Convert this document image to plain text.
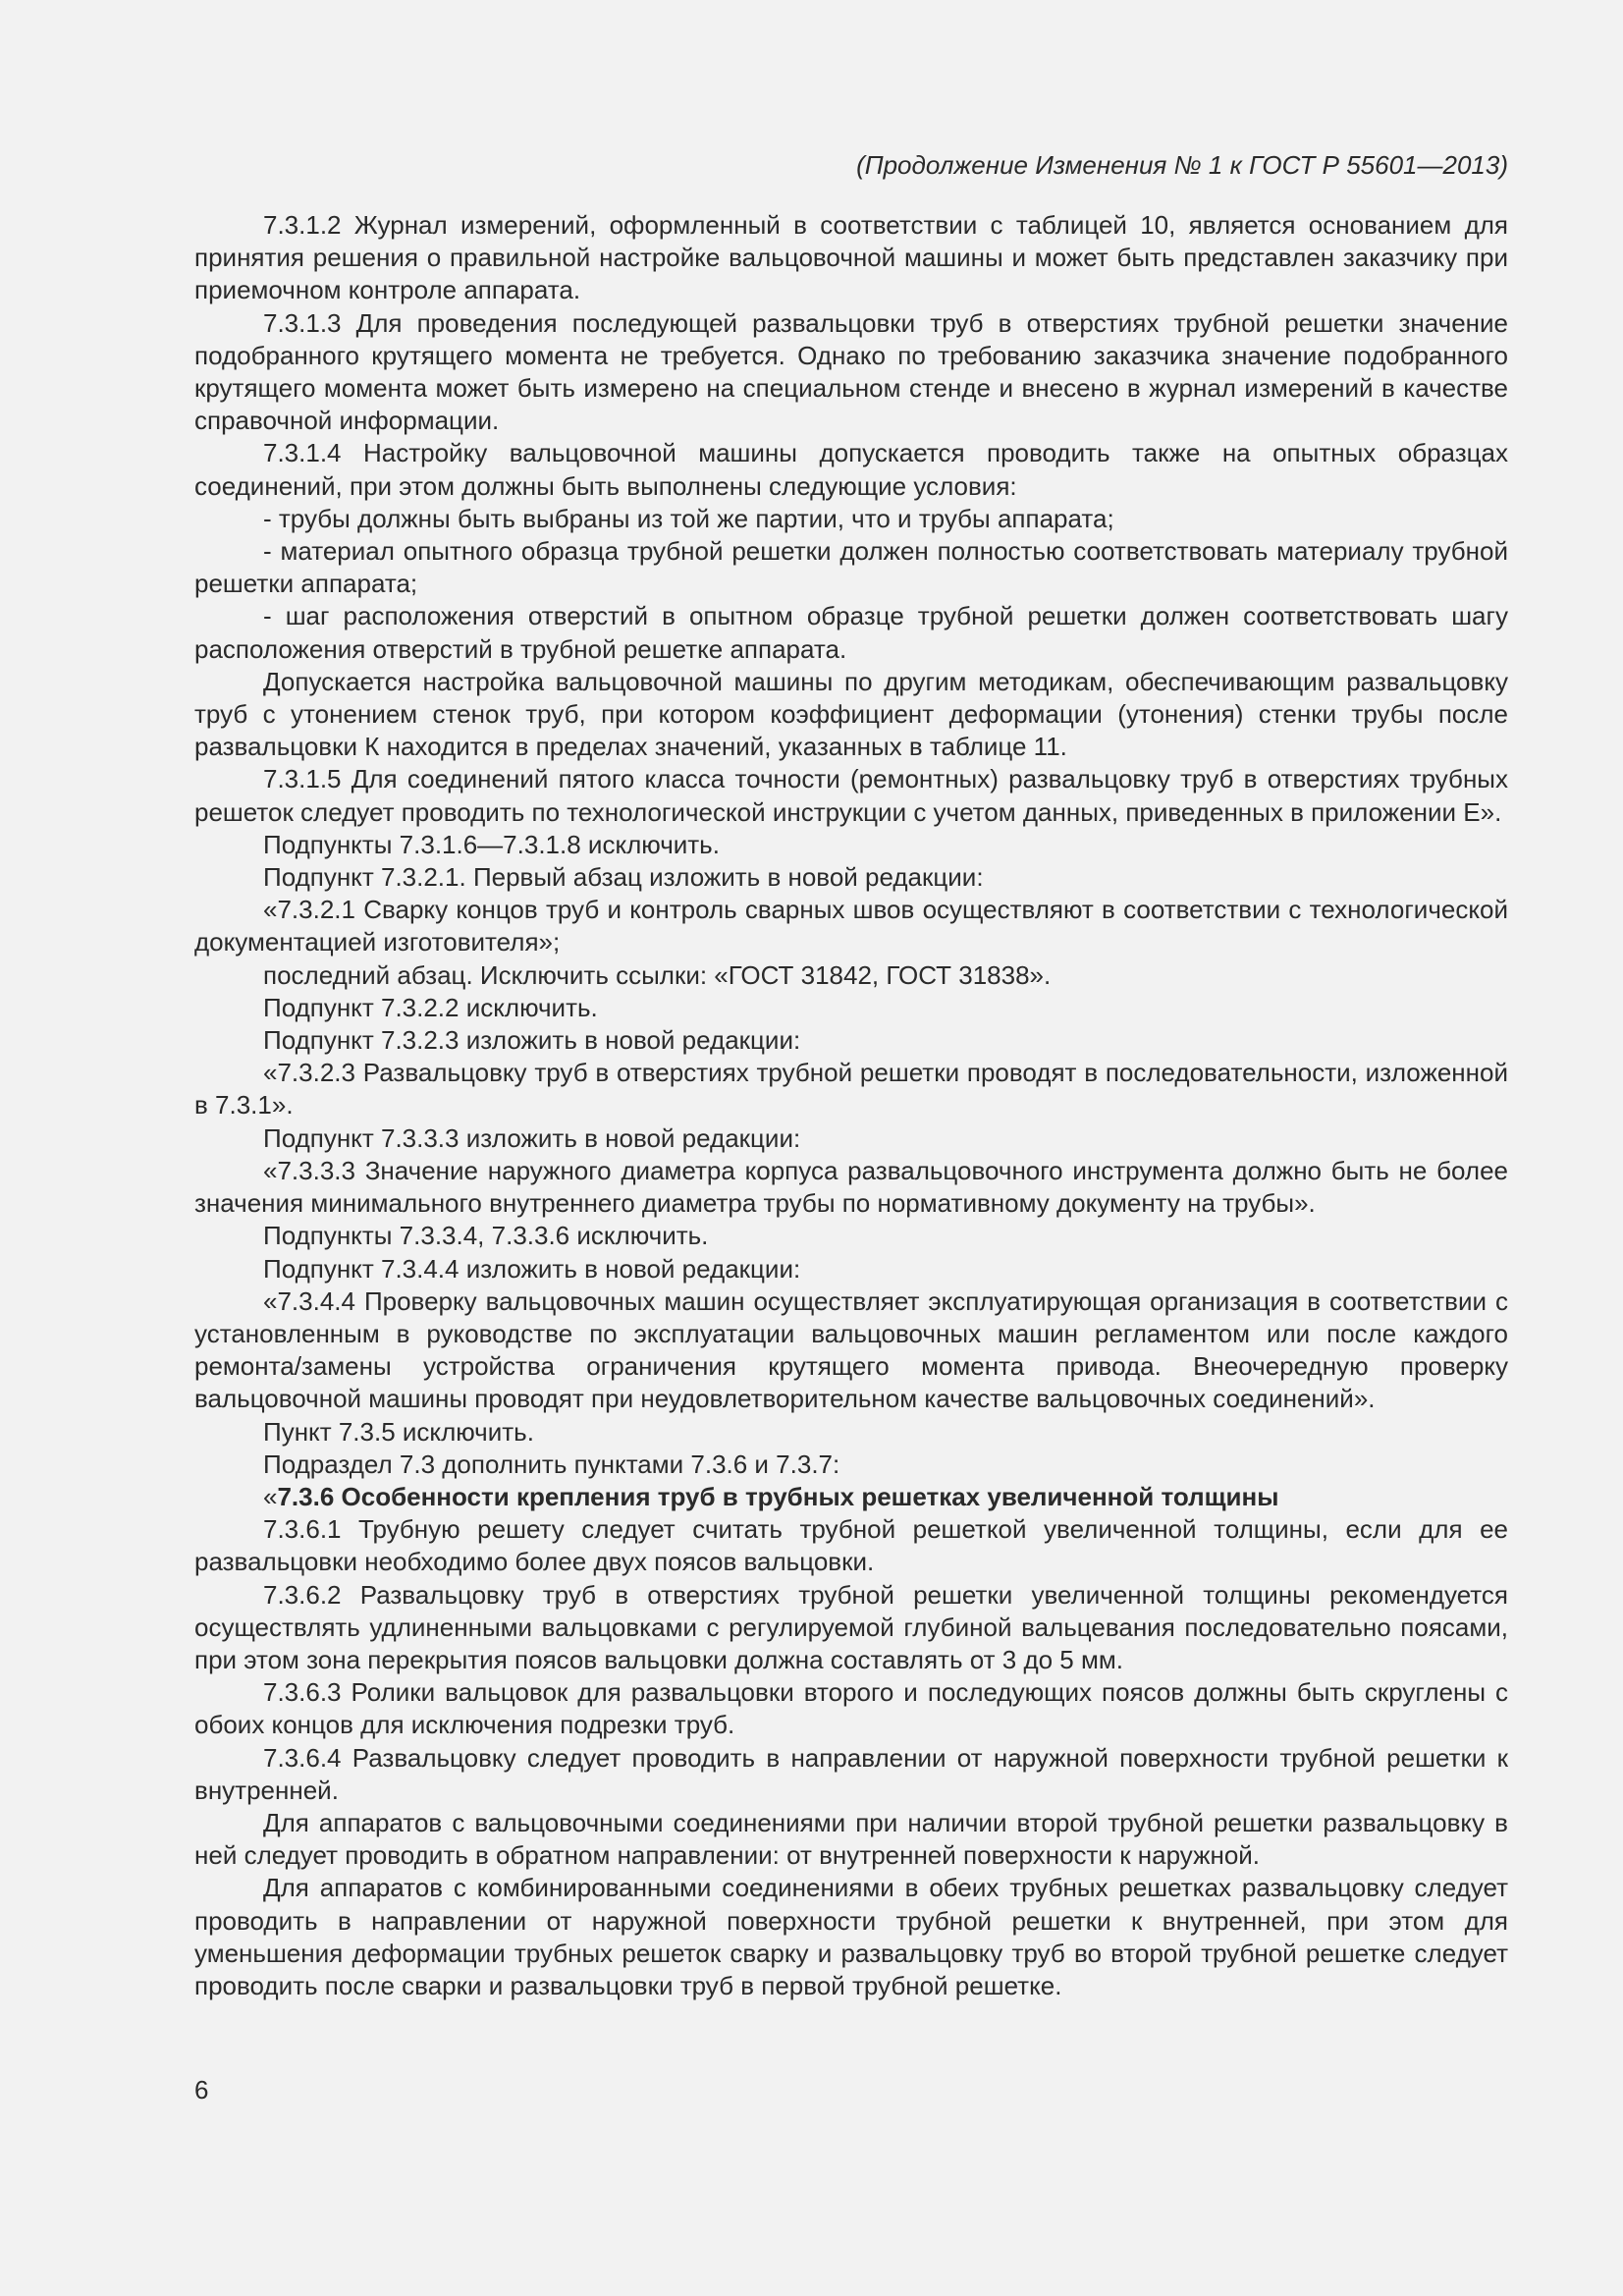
(Продолжение Изменения № 1 к ГОСТ Р 55601—2013)

7.3.1.2 Журнал измерений, оформленный в соответствии с таблицей 10, является основанием для принятия решения о правильной настройке вальцовочной машины и может быть представлен заказчику при приемочном контроле аппарата.

7.3.1.3 Для проведения последующей развальцовки труб в отверстиях трубной решетки значение подобранного крутящего момента не требуется. Однако по требованию заказчика значение подобранного крутящего момента может быть измерено на специальном стенде и внесено в журнал измерений в качестве справочной информации.

7.3.1.4 Настройку вальцовочной машины допускается проводить также на опытных образцах соединений, при этом должны быть выполнены следующие условия:

- трубы должны быть выбраны из той же партии, что и трубы аппарата;

- материал опытного образца трубной решетки должен полностью соответствовать материалу трубной решетки аппарата;

- шаг расположения отверстий в опытном образце трубной решетки должен соответствовать шагу расположения отверстий в трубной решетке аппарата.

Допускается настройка вальцовочной машины по другим методикам, обеспечивающим развальцовку труб с утонением стенок труб, при котором коэффициент деформации (утонения) стенки трубы после развальцовки К находится в пределах значений, указанных в таблице 11.

7.3.1.5 Для соединений пятого класса точности (ремонтных) развальцовку труб в отверстиях трубных решеток следует проводить по технологической инструкции с учетом данных, приведенных в приложении Е».

Подпункты 7.3.1.6—7.3.1.8 исключить.

Подпункт 7.3.2.1. Первый абзац изложить в новой редакции:

«7.3.2.1 Сварку концов труб и контроль сварных швов осуществляют в соответствии с технологической документацией изготовителя»;

последний абзац. Исключить ссылки: «ГОСТ 31842, ГОСТ 31838».

Подпункт 7.3.2.2 исключить.

Подпункт 7.3.2.3 изложить в новой редакции:

«7.3.2.3 Развальцовку труб в отверстиях трубной решетки проводят в последовательности, изложенной в 7.3.1».

Подпункт 7.3.3.3 изложить в новой редакции:

«7.3.3.3 Значение наружного диаметра корпуса развальцовочного инструмента должно быть не более значения минимального внутреннего диаметра трубы по нормативному документу на трубы».

Подпункты 7.3.3.4, 7.3.3.6 исключить.

Подпункт 7.3.4.4 изложить в новой редакции:

«7.3.4.4 Проверку вальцовочных машин осуществляет эксплуатирующая организация в соответствии с установленным в руководстве по эксплуатации вальцовочных машин регламентом или после каждого ремонта/замены устройства ограничения крутящего момента привода. Внеочередную проверку вальцовочной машины проводят при неудовлетворительном качестве вальцовочных соединений».

Пункт 7.3.5 исключить.

Подраздел 7.3 дополнить пунктами 7.3.6 и 7.3.7:

«7.3.6 Особенности крепления труб в трубных решетках увеличенной толщины

7.3.6.1 Трубную решету следует считать трубной решеткой увеличенной толщины, если для ее развальцовки необходимо более двух поясов вальцовки.

7.3.6.2 Развальцовку труб в отверстиях трубной решетки увеличенной толщины рекомендуется осуществлять удлиненными вальцовками с регулируемой глубиной вальцевания последовательно поясами, при этом зона перекрытия поясов вальцовки должна составлять от 3 до 5 мм.

7.3.6.3 Ролики вальцовок для развальцовки второго и последующих поясов должны быть скруглены с обоих концов для исключения подрезки труб.

7.3.6.4 Развальцовку следует проводить в направлении от наружной поверхности трубной решетки к внутренней.

Для аппаратов с вальцовочными соединениями при наличии второй трубной решетки развальцовку в ней следует проводить в обратном направлении: от внутренней поверхности к наружной.

Для аппаратов с комбинированными соединениями в обеих трубных решетках развальцовку следует проводить в направлении от наружной поверхности трубной решетки к внутренней, при этом для уменьшения деформации трубных решеток сварку и развальцовку труб во второй трубной решетке следует проводить после сварки и развальцовки труб в первой трубной решетке.

6
